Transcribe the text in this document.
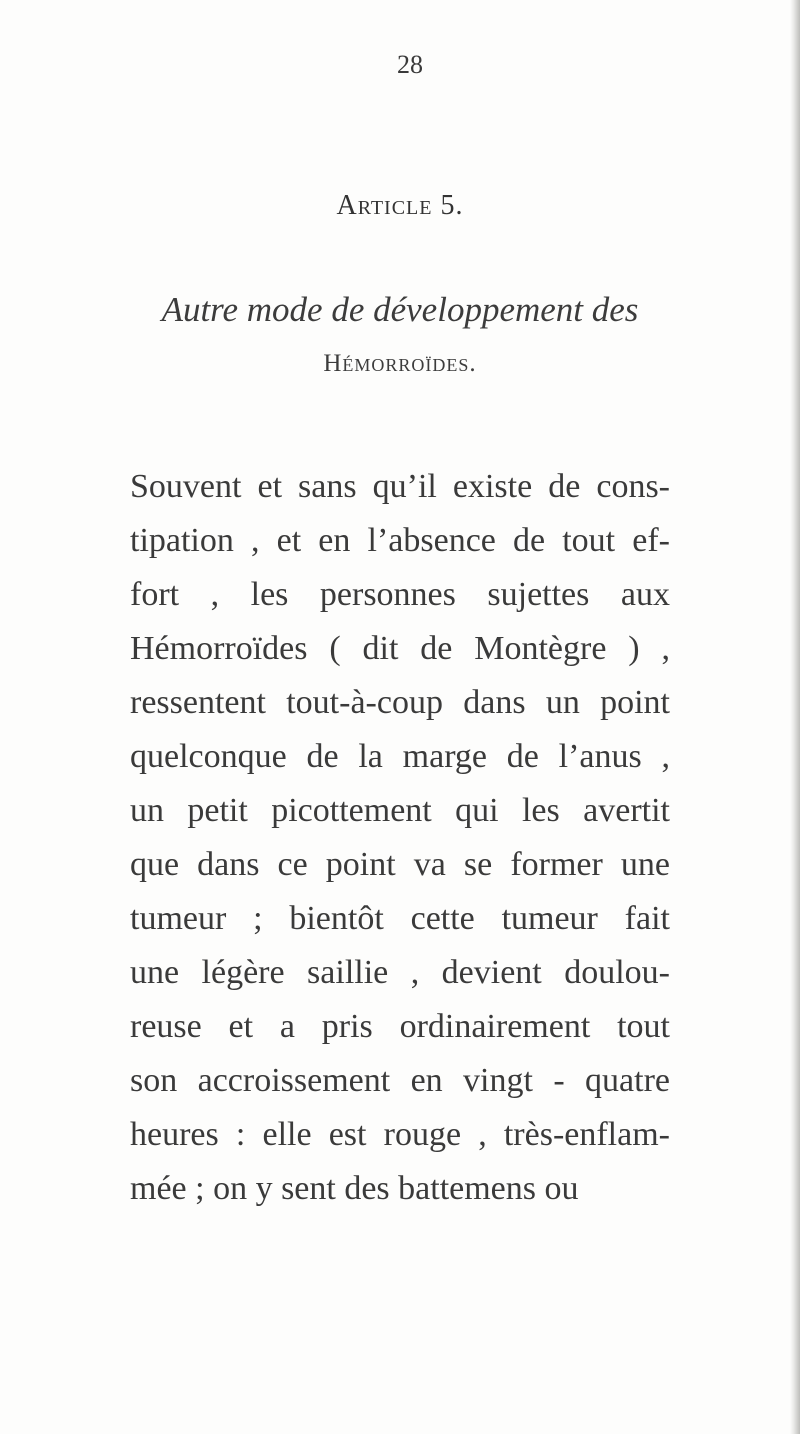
28
Article 5.
Autre mode de développement des
Hémorroïdes.

Souvent et sans qu’il existe de cons-
tipation , et en l’absence de tout ef-
fort , les personnes sujettes aux
Hémorroïdes ( dit de Montègre ) ,
ressentent tout-à-coup dans un point
quelconque de la marge de l’anus ,
un petit picottement qui les avertit
que dans ce point va se former une
tumeur ; bientôt cette tumeur fait
une légère saillie , devient doulou-
reuse et a pris ordinairement tout
son accroissement en vingt - quatre
heures : elle est rouge , très-enflam-
mée ; on y sent des battemens ou
